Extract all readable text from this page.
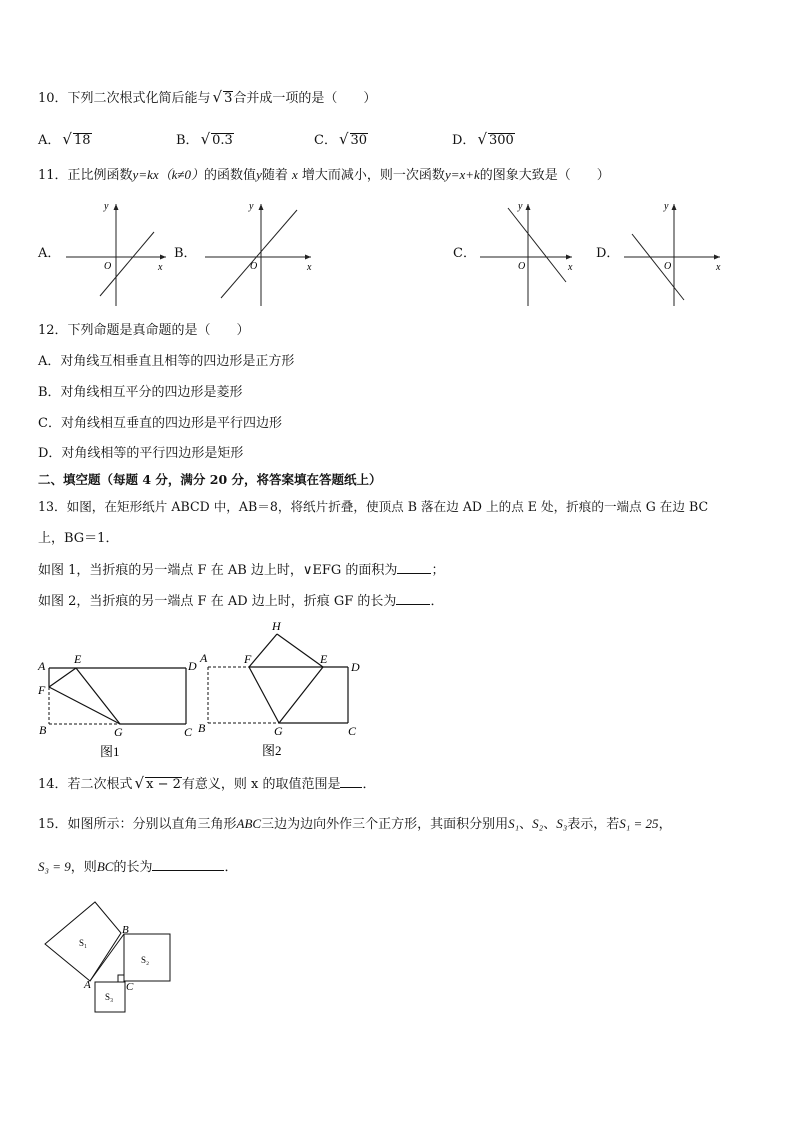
10．下列二次根式化简后能与 √ 3合并成一项的是（　　）
A． √ 18	B． √ 0.3	C． √ 30	D． √ 300
11．正比例函数y=kx（k≠0）的函数值y随着 x 增大而减小，则一次函数y=x+k的图象大致是（　　）
A．	B．	C．	D．
y
x
O
y
x
O
y
x
O
y
x
O
12．下列命题是真命题的是（　　）
A．对角线互相垂直且相等的四边形是正方形
B．对角线相互平分的四边形是菱形
C．对角线相互垂直的四边形是平行四边形
D．对角线相等的平行四边形是矩形
二、填空题（每题 4 分，满分 20 分，将答案填在答题纸上）
13．如图，在矩形纸片 ABCD 中，AB＝8，将纸片折叠，使顶点 B 落在边 AD 上的点 E 处，折痕的一端点 G 在边 BC
上，BG＝1．
如图 1，当折痕的另一端点 F 在 AB 边上时，∨EFG 的面积为	；
如图 2，当折痕的另一端点 F 在 AD 边上时，折痕 GF 的长为	．
A E	D
F
B	G	C
图1
H
A	F	E
D
B	G	C
图2
14．若二次根式 √ x − 2有意义，则 x 的取值范围是 ．
15．如图所示：分别以直角三角形ABC三边为边向外作三个正方形，其面积分别用S₁、S₂、S₃表示，若S₁ = 25，
S₃ = 9，则BC的长为	．
S₁
S₂
S₃
B
A	C
